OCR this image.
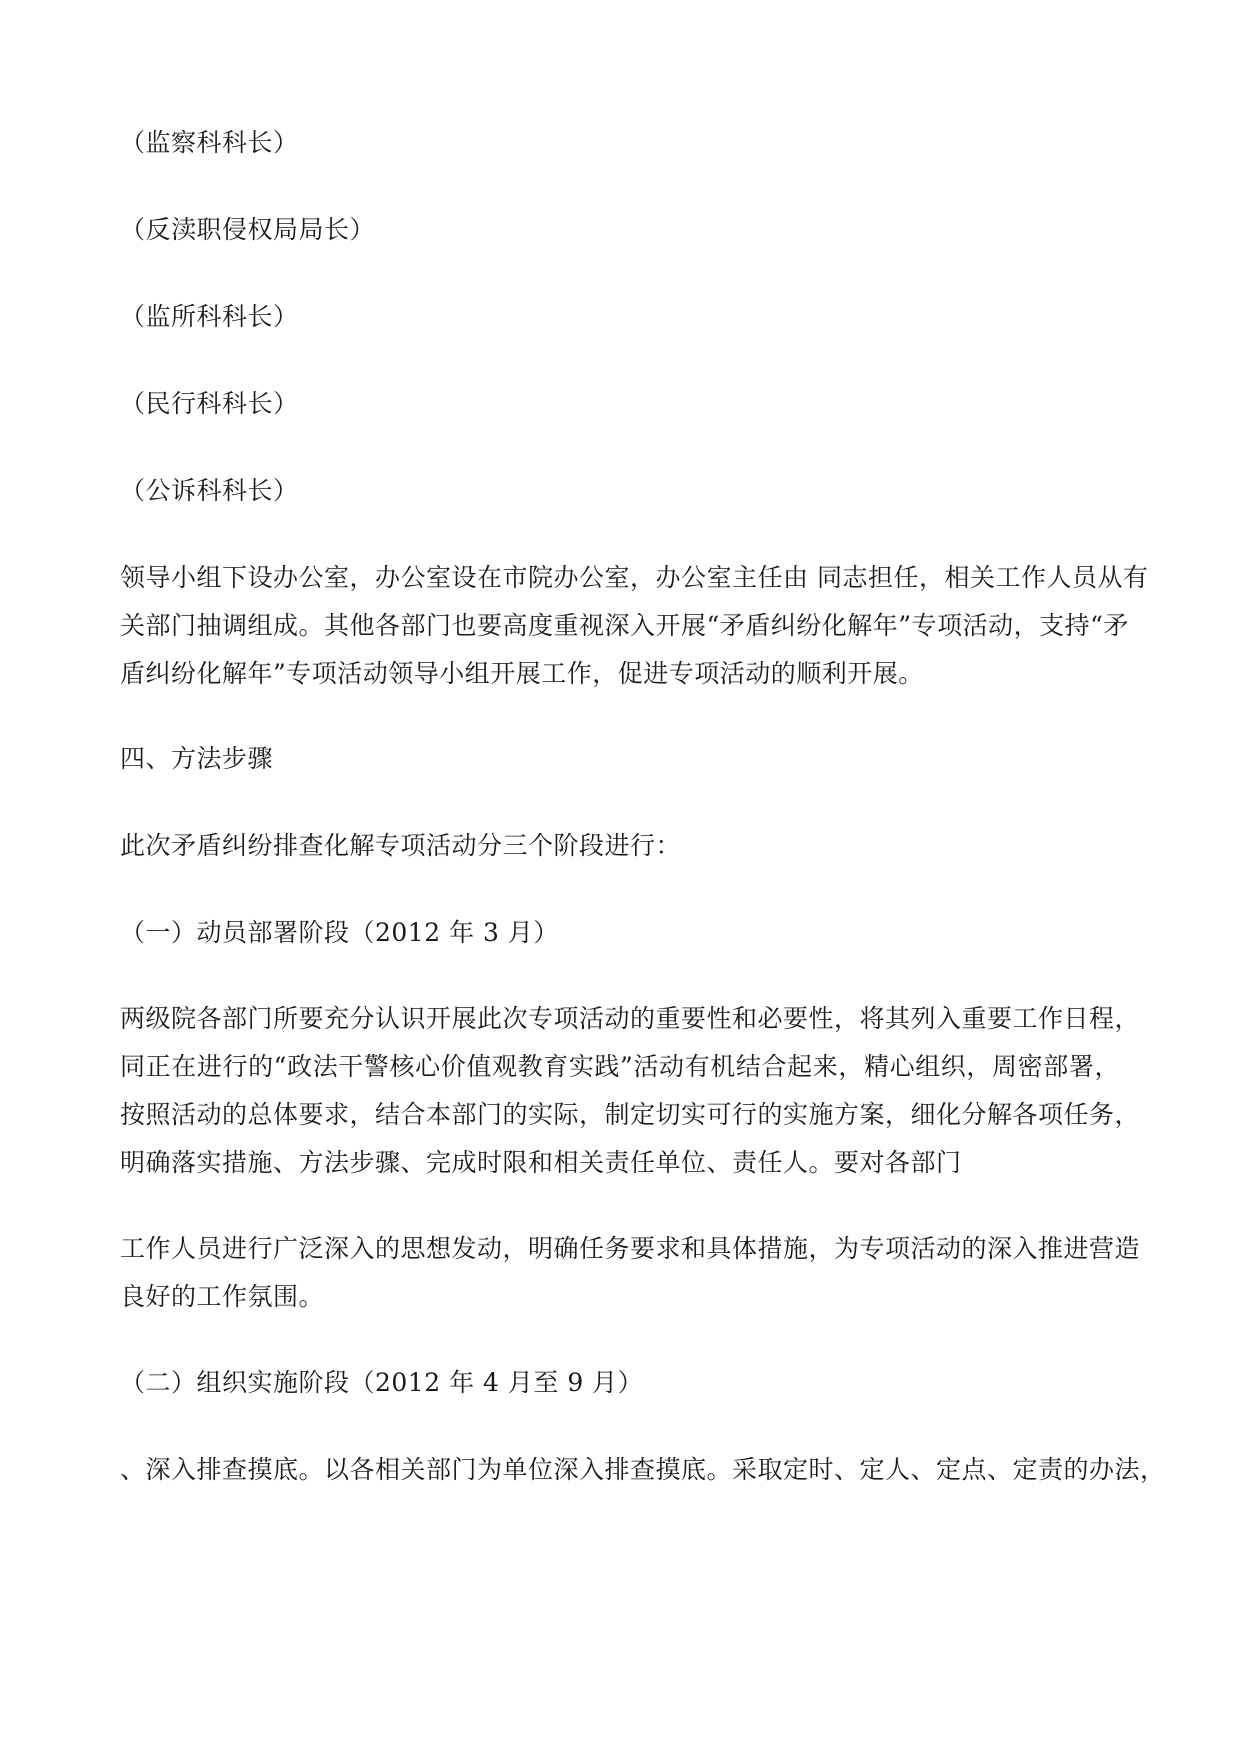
（监察科科长）

（反渎职侵权局局长）

（监所科科长）

（民行科科长）

（公诉科科长）

领导小组下设办公室，办公室设在市院办公室，办公室主任由 同志担任，相关工作人员从有

关部门抽调组成。其他各部门也要高度重视深入开展“矛盾纠纷化解年”专项活动，支持“矛

盾纠纷化解年”专项活动领导小组开展工作，促进专项活动的顺利开展。

四、方法步骤

此次矛盾纠纷排查化解专项活动分三个阶段进行：

（一）动员部署阶段（2012 年 3 月）

两级院各部门所要充分认识开展此次专项活动的重要性和必要性，将其列入重要工作日程，

同正在进行的“政法干警核心价值观教育实践”活动有机结合起来，精心组织，周密部署，

按照活动的总体要求，结合本部门的实际，制定切实可行的实施方案，细化分解各项任务，

明确落实措施、方法步骤、完成时限和相关责任单位、责任人。要对各部门

工作人员进行广泛深入的思想发动，明确任务要求和具体措施，为专项活动的深入推进营造

良好的工作氛围。

（二）组织实施阶段（2012 年 4 月至 9 月）

、深入排查摸底。以各相关部门为单位深入排查摸底。采取定时、定人、定点、定责的办法，
